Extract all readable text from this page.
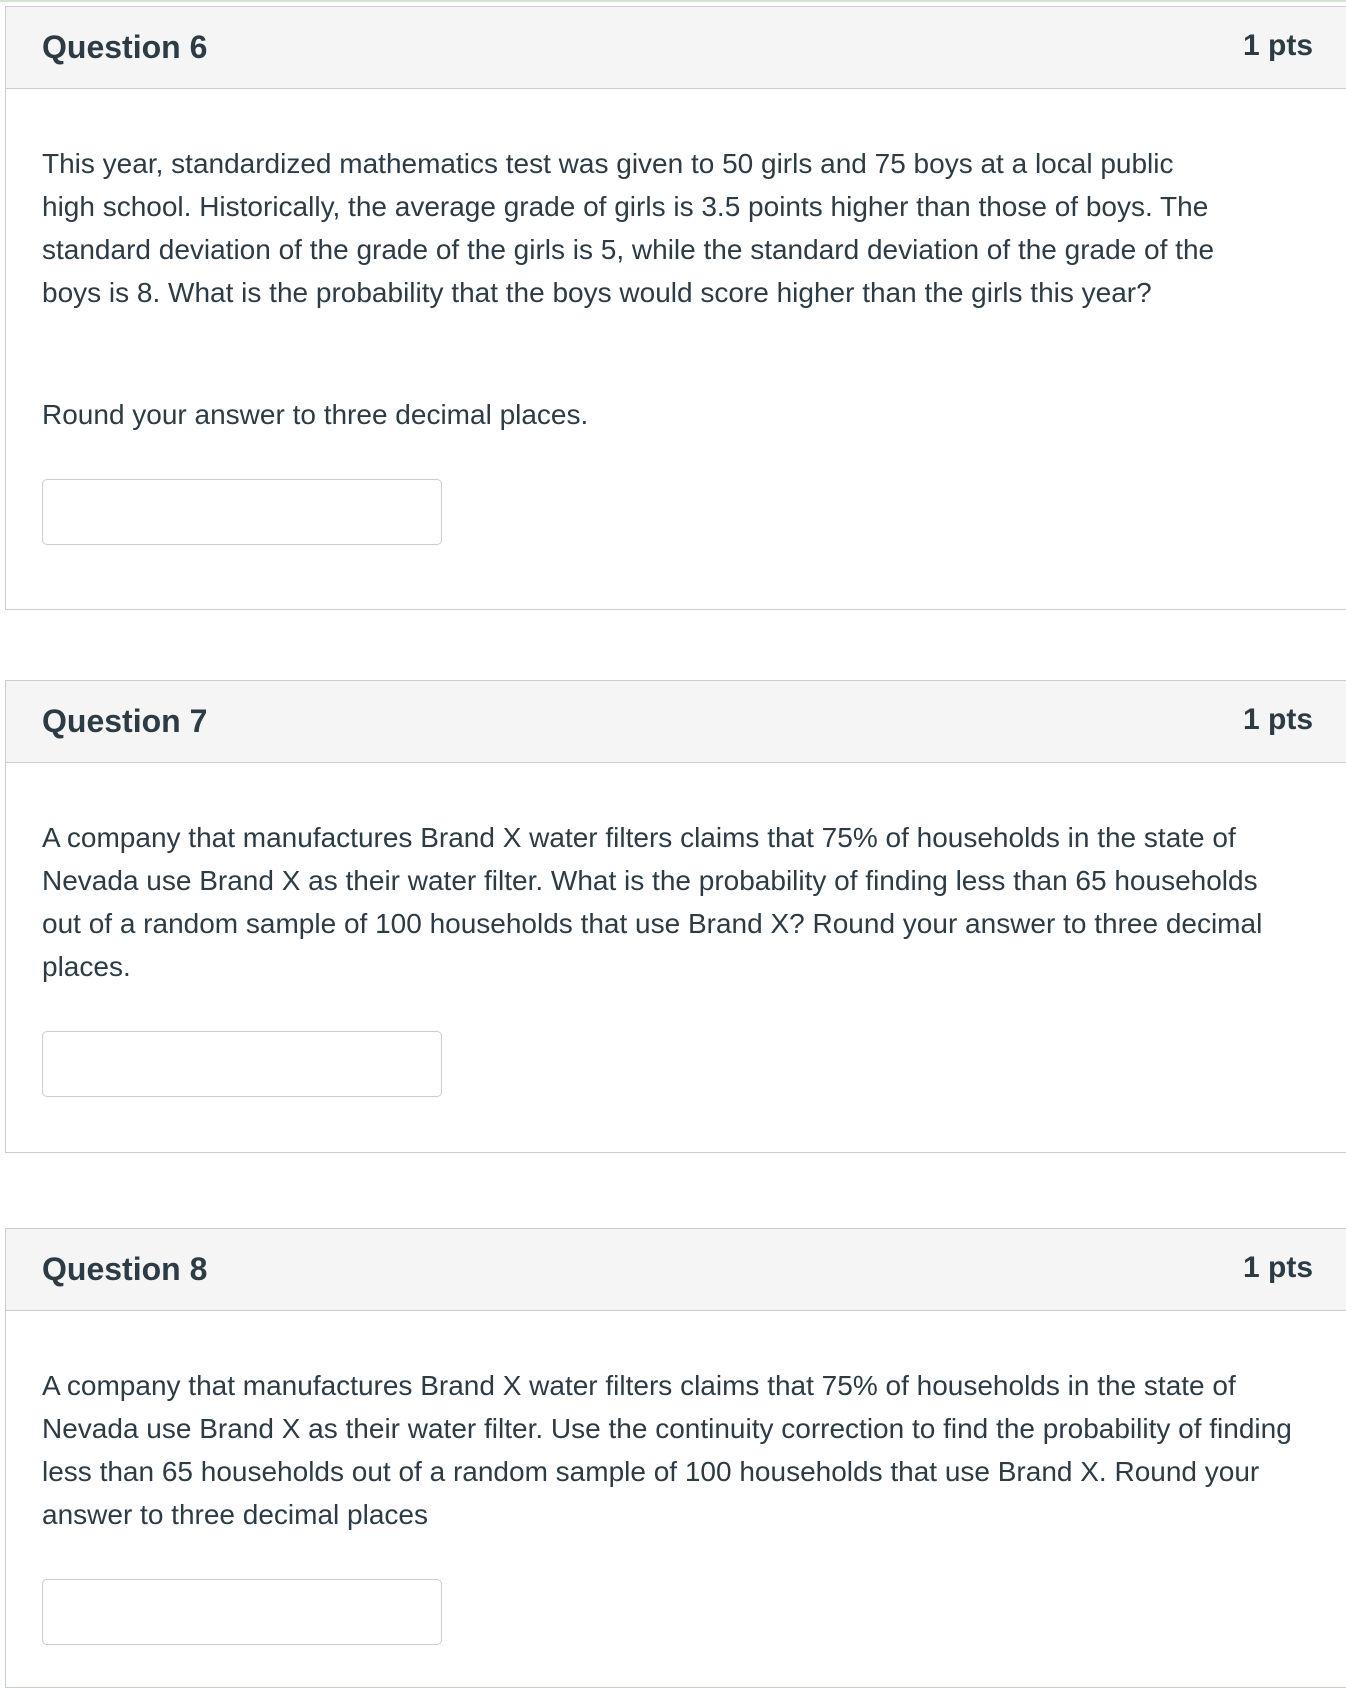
Question 6	1 pts

This year, standardized mathematics test was given to 50 girls and 75 boys at a local public high school. Historically, the average grade of girls is 3.5 points higher than those of boys. The standard deviation of the grade of the girls is 5, while the standard deviation of the grade of the boys is 8. What is the probability that the boys would score higher than the girls this year?

Round your answer to three decimal places.

Question 7	1 pts

A company that manufactures Brand X water filters claims that 75% of households in the state of Nevada use Brand X as their water filter. What is the probability of finding less than 65 households out of a random sample of 100 households that use Brand X? Round your answer to three decimal places.

Question 8	1 pts

A company that manufactures Brand X water filters claims that 75% of households in the state of Nevada use Brand X as their water filter. Use the continuity correction to find the probability of finding less than 65 households out of a random sample of 100 households that use Brand X. Round your answer to three decimal places
